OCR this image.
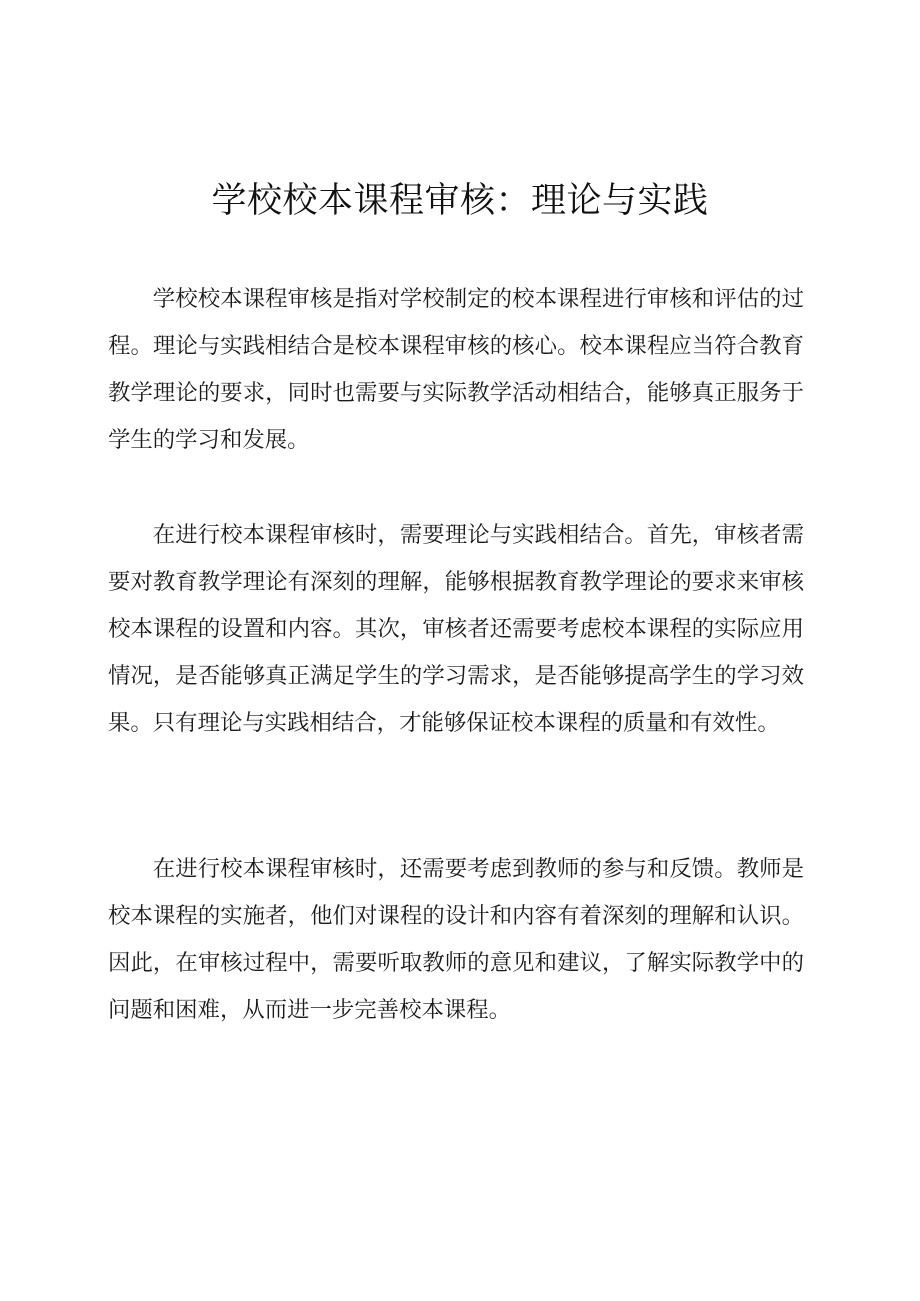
学校校本课程审核：理论与实践

学校校本课程审核是指对学校制定的校本课程进行审核和评估的过程。理论与实践相结合是校本课程审核的核心。校本课程应当符合教育教学理论的要求，同时也需要与实际教学活动相结合，能够真正服务于学生的学习和发展。

在进行校本课程审核时，需要理论与实践相结合。首先，审核者需要对教育教学理论有深刻的理解，能够根据教育教学理论的要求来审核校本课程的设置和内容。其次，审核者还需要考虑校本课程的实际应用情况，是否能够真正满足学生的学习需求，是否能够提高学生的学习效果。只有理论与实践相结合，才能够保证校本课程的质量和有效性。

在进行校本课程审核时，还需要考虑到教师的参与和反馈。教师是校本课程的实施者，他们对课程的设计和内容有着深刻的理解和认识。因此，在审核过程中，需要听取教师的意见和建议，了解实际教学中的问题和困难，从而进一步完善校本课程。
